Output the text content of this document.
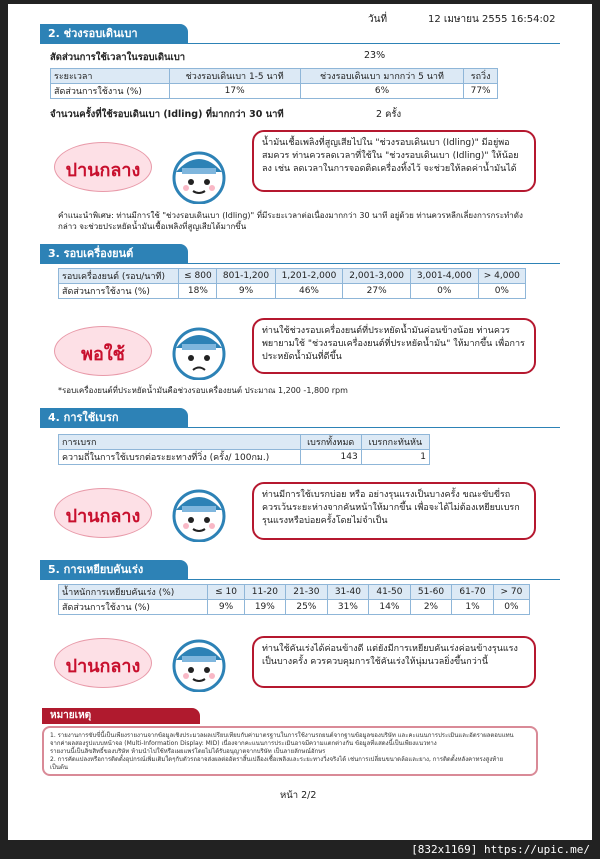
วันที่	12 เมษายน 2555 16:54:02
2. ช่วงรอบเดินเบา
สัดส่วนการใช้เวลาในรอบเดินเบา	23%
ระยะเวลา	ช่วงรอบเดินเบา 1-5 นาที	ช่วงรอบเดินเบา มากกว่า 5 นาที	รถวิ่ง
สัดส่วนการใช้งาน (%)	17%	6%	77%
จำนวนครั้งที่ใช้รอบเดินเบา (Idling) ที่มากกว่า 30 นาที	2 ครั้ง
ปานกลาง
น้ำมันเชื้อเพลิงที่สูญเสียไปใน "ช่วงรอบเดินเบา (Idling)" มีอยู่พอสมควร ท่านควรลดเวลาที่ใช้ใน "ช่วงรอบเดินเบา (Idling)" ให้น้อยลง เช่น ลดเวลาในการจอดติดเครื่องทิ้งไว้ จะช่วยให้ลดค่าน้ำมันได้
คำแนะนำพิเศษ: ท่านมีการใช้ "ช่วงรอบเดินเบา (Idling)" ที่มีระยะเวลาต่อเนื่องมากกว่า 30 นาที อยู่ด้วย ท่านควรหลีกเลี่ยงการกระทำดังกล่าว จะช่วยประหยัดน้ำมันเชื้อเพลิงที่สูญเสียได้มากขึ้น
3. รอบเครื่องยนต์
รอบเครื่องยนต์ (รอบ/นาที)	≤ 800	801-1,200	1,201-2,000	2,001-3,000	3,001-4,000	> 4,000
สัดส่วนการใช้งาน (%)	18%	9%	46%	27%	0%	0%
พอใช้
ท่านใช้ช่วงรอบเครื่องยนต์ที่ประหยัดน้ำมันค่อนข้างน้อย ท่านควรพยายามใช้ "ช่วงรอบเครื่องยนต์ที่ประหยัดน้ำมัน" ให้มากขึ้น เพื่อการประหยัดน้ำมันที่ดีขึ้น
*รอบเครื่องยนต์ที่ประหยัดน้ำมันคือช่วงรอบเครื่องยนต์ ประมาณ 1,200 -1,800 rpm
4. การใช้เบรก
การเบรก	เบรกทั้งหมด	เบรกกะทันหัน
ความถี่ในการใช้เบรกต่อระยะทางที่วิ่ง (ครั้ง/ 100กม.)	143	1
ปานกลาง
ท่านมีการใช้เบรกบ่อย หรือ อย่างรุนแรงเป็นบางครั้ง ขณะขับขี่รถควรเว้นระยะห่างจากคันหน้าให้มากขึ้น เพื่อจะได้ไม่ต้องเหยียบเบรกรุนแรงหรือบ่อยครั้งโดยไม่จำเป็น
5. การเหยียบคันเร่ง
น้ำหนักการเหยียบคันเร่ง (%)	≤ 10	11-20	21-30	31-40	41-50	51-60	61-70	> 70
สัดส่วนการใช้งาน (%)	9%	19%	25%	31%	14%	2%	1%	0%
ปานกลาง
ท่านใช้คันเร่งได้ค่อนข้างดี แต่ยังมีการเหยียบคันเร่งค่อนข้างรุนแรงเป็นบางครั้ง ควรควบคุมการใช้คันเร่งให้นุ่มนวลยิ่งขึ้นกว่านี้
หมายเหตุ
1. รายงานการขับขี่นี้เป็นเพียงรายงานจากข้อมูลเชิงประมวลผลเปรียบเทียบกับค่ามาตรฐานในการใช้งานรถยนต์จากฐานข้อมูลของบริษัท และคะแนนการประเมินและอัตราผลตอบแทน
จากค่าผลสองรูปแบบหน้าจอ (Multi-Information Display: MID) เนื่องจากคะแนนการประเมินอาจมีความแตกต่างกัน ข้อมูลที่แสดงนี้เป็นเพียงแนวทาง
รายงานนี้เป็นลิขสิทธิ์ของบริษัท ห้ามนำไปใช้หรือเผยแพร่โดยไม่ได้รับอนุญาตจากบริษัท เป็นลายลักษณ์อักษร
2. การคัดแปลงหรือการติดตั้งอุปกรณ์เพิ่มเติมใดๆกับตัวรถอาจส่งผลต่ออัตราสิ้นเปลืองเชื้อเพลิงและระยะทางวิ่งจริงได้ เช่นการเปลี่ยนขนาดล้อและยาง, การติดตั้งหลังคาทรงสูงท้าย
เป็นต้น
หน้า 2/2
[832x1169] https://upic.me/
